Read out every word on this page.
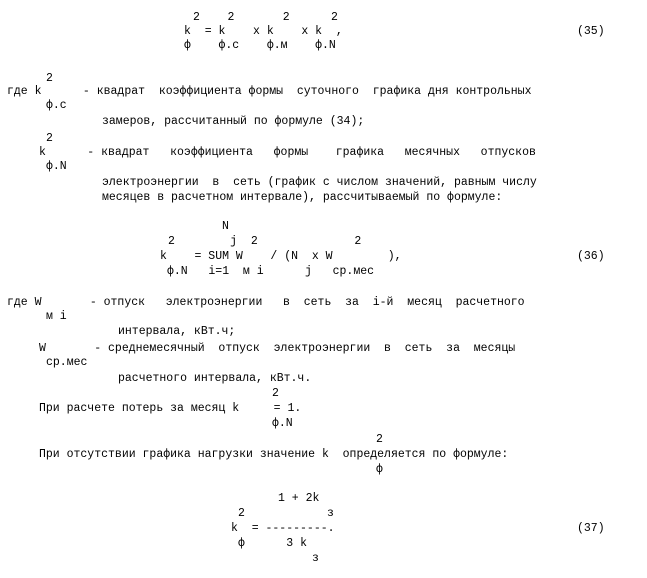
2    2       2      2
k  = k    x k    x k  ,
ф    ф.с    ф.м    ф.N
(35)
2
где k      - квадрат  коэффициента формы  суточного  графика дня контрольных
ф.с
замеров, рассчитанный по формуле (34);
2
k      - квадрат   коэффициента   формы    графика   месячных   отпусков
ф.N
электроэнергии  в  сеть (график с числом значений, равным числу
месяцев в расчетном интервале), рассчитываемый по формуле:
N
2        j  2              2
k    = SUM W    / (N  x W        ),
ф.N   i=1  м i      j   ср.мес
(36)
где W       - отпуск   электроэнергии   в  сеть  за  i-й  месяц  расчетного
м i
интервала, кВт.ч;
W       - среднемесячный  отпуск  электроэнергии  в  сеть  за  месяцы
ср.мес
расчетного интервала, кВт.ч.
2
При расчете потерь за месяц k     = 1.
ф.N
2
При отсутствии графика нагрузки значение k  определяется по формуле:
ф
1 + 2k
з
2
k  = ---------.
ф      3 k
з
(37)
